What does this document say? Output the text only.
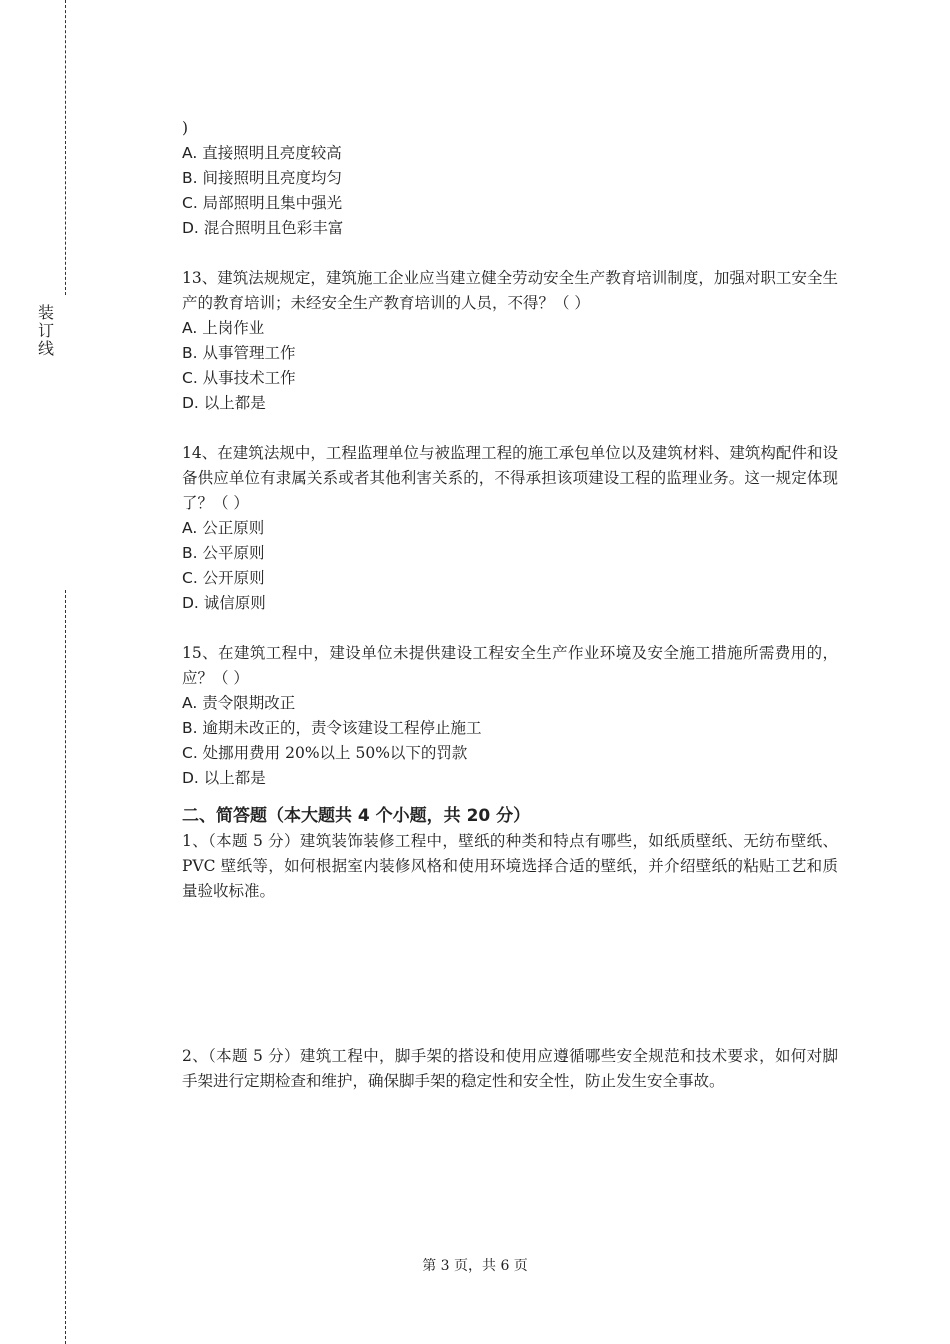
装
订
线
)
A. 直接照明且亮度较高
B. 间接照明且亮度均匀
C. 局部照明且集中强光
D. 混合照明且色彩丰富

13、建筑法规规定，建筑施工企业应当建立健全劳动安全生产教育培训制度，加强对职工安全生产的教育培训；未经安全生产教育培训的人员，不得？（ ）

A. 上岗作业
B. 从事管理工作
C. 从事技术工作
D. 以上都是

14、在建筑法规中，工程监理单位与被监理工程的施工承包单位以及建筑材料、建筑构配件和设备供应单位有隶属关系或者其他利害关系的，不得承担该项建设工程的监理业务。这一规定体现了？（ ）

A. 公正原则
B. 公平原则
C. 公开原则
D. 诚信原则

15、在建筑工程中，建设单位未提供建设工程安全生产作业环境及安全施工措施所需费用的，应？（ ）

A. 责令限期改正
B. 逾期未改正的，责令该建设工程停止施工
C. 处挪用费用 20%以上 50%以下的罚款
D. 以上都是
二、简答题（本大题共 4 个小题，共 20 分）

1、（本题 5 分）建筑装饰装修工程中，壁纸的种类和特点有哪些，如纸质壁纸、无纺布壁纸、PVC 壁纸等，如何根据室内装修风格和使用环境选择合适的壁纸，并介绍壁纸的粘贴工艺和质量验收标准。

2、（本题 5 分）建筑工程中，脚手架的搭设和使用应遵循哪些安全规范和技术要求，如何对脚手架进行定期检查和维护，确保脚手架的稳定性和安全性，防止发生安全事故。

第 3 页，共 6 页
